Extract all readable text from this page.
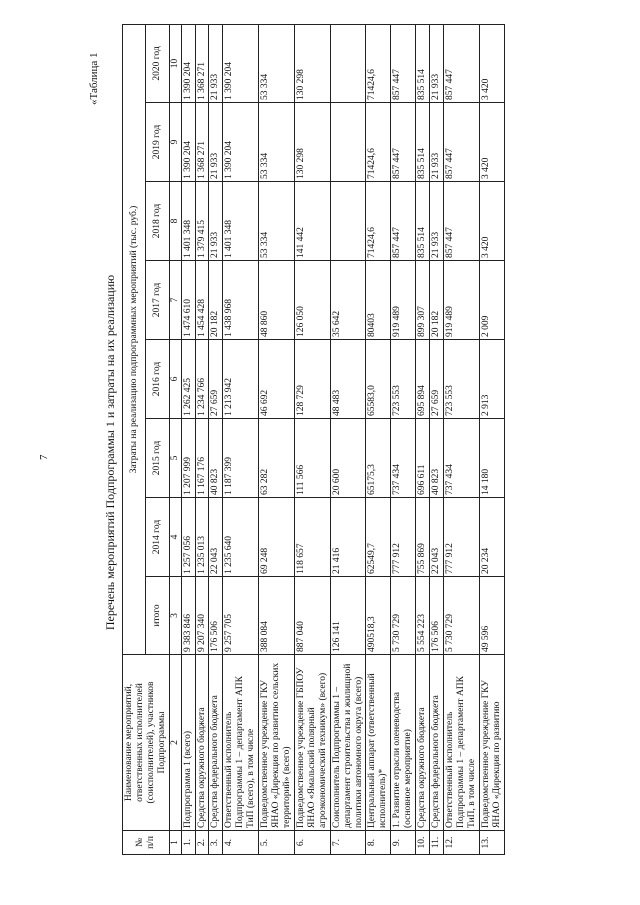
7
«Таблица 1
Перечень мероприятий Подпрограммы 1 и затраты на их реализацию
№ п/п	Наименование мероприятий, ответственных исполнителей (соисполнителей), участников Подпрограммы	Затраты на реализацию подпрограммных мероприятий (тыс. руб.)							
		итого	2014 год	2015 год	2016 год	2017 год	2018 год	2019 год	2020 год
1	2	3	4	5	6	7	8	9	10
1.	Подпрограмма 1 (всего)	9 383 846	1 257 056	1 207 999	1 262 425	1 474 610	1 401 348	1 390 204	1 390 204
2.	Средства окружного бюджета	9 207 340	1 235 013	1 167 176	1 234 766	1 454 428	1 379 415	1 368 271	1 368 271
3.	Средства федерального бюджета	176 506	22 043	40 823	27 659	20 182	21 933	21 933	21 933
4.	Ответственный исполнитель Подпрограммы 1 – департамент АПК ТиП (всего), в том числе	9 257 705	1 235 640	1 187 399	1 213 942	1 438 968	1 401 348	1 390 204	1 390 204
5.	Подведомственное учреждение ГКУ ЯНАО «Дирекция по развитию сельских территорий» (всего)	388 084	69 248	63 282	46 692	48 860	53 334	53 334	53 334
6.	Подведомственное учреждение ГБПОУ ЯНАО «Ямальский полярный агроэкономический техникум» (всего)	887 040	118 657	111 566	128 729	126 050	141 442	130 298	130 298
7.	Соисполнитель Подпрограммы 1 – департамент строительства и жилищной политики автономного округа (всего)	126 141	21 416	20 600	48 483	35 642			
8.	Центральный аппарат (ответственный исполнитель)*	490518,3	62549,7	65175,3	65583,0	80403	71424,6	71424,6	71424,6
9.	1. Развитие отрасли оленеводства (основное мероприятие)	5 730 729	777 912	737 434	723 553	919 489	857 447	857 447	857 447
10.	Средства окружного бюджета	5 554 223	755 869	696 611	695 894	899 307	835 514	835 514	835 514
11.	Средства федерального бюджета	176 506	22 043	40 823	27 659	20 182	21 933	21 933	21 933
12.	Ответственный исполнитель Подпрограммы 1 – департамент АПК ТиП, в том числе	5 730 729	777 912	737 434	723 553	919 489	857 447	857 447	857 447
13.	Подведомственное учреждение ГКУ ЯНАО «Дирекция по развитию	49 596	20 234	14 180	2 913	2 009	3 420	3 420	3 420
